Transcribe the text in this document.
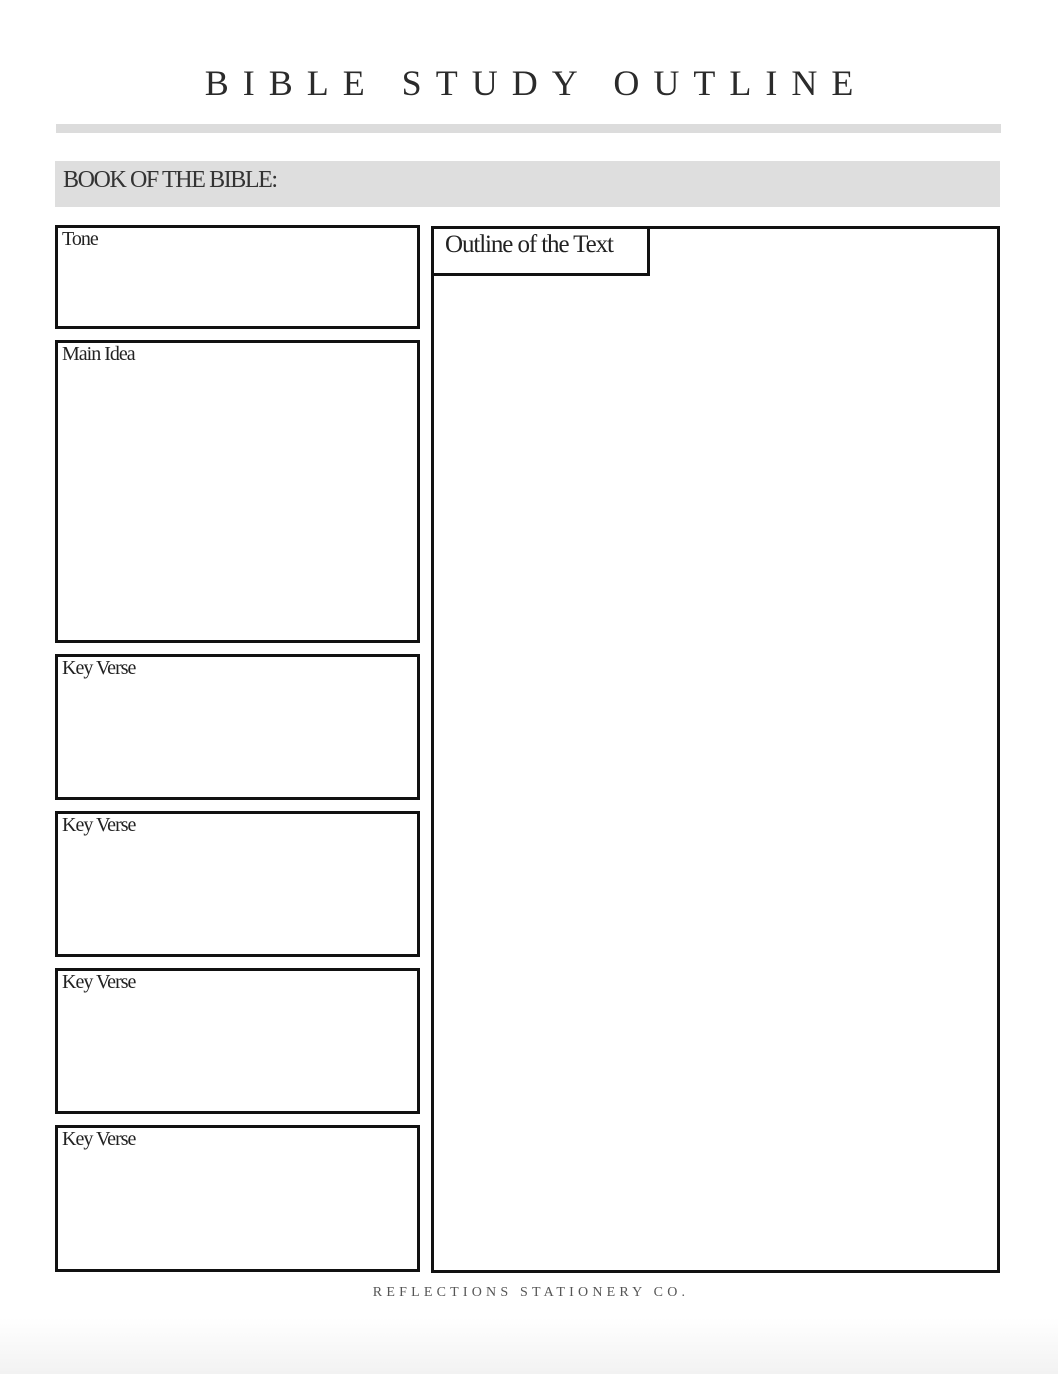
BIBLE STUDY OUTLINE
BOOK OF THE BIBLE:
Tone
Main Idea
Key Verse
Key Verse
Key Verse
Key Verse
Outline of the Text
REFLECTIONS STATIONERY CO.
